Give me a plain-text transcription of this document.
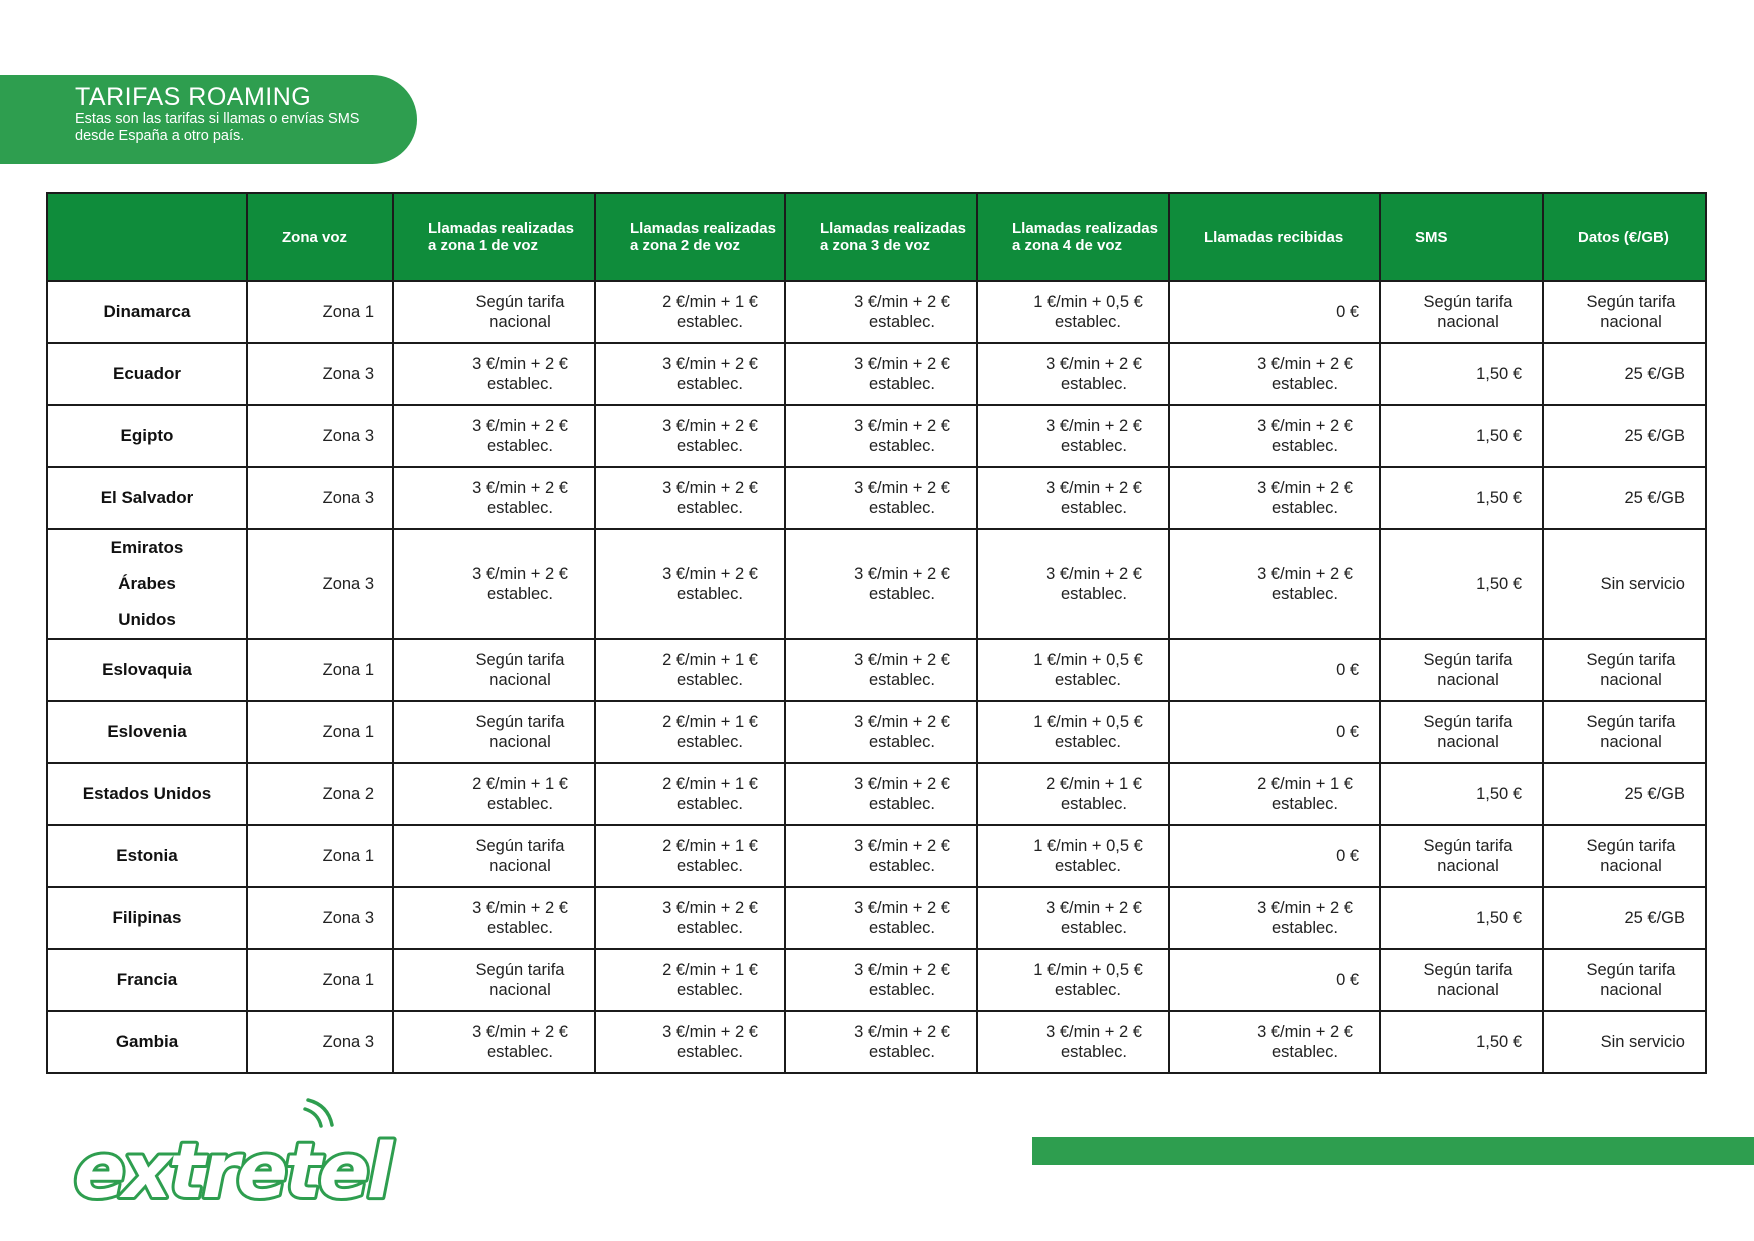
TARIFAS ROAMING
Estas son las tarifas si llamas o envías SMS desde España a otro país.
	Zona voz	Llamadas realizadas a zona 1 de voz	Llamadas realizadas a zona 2 de voz	Llamadas realizadas a zona 3 de voz	Llamadas realizadas a zona 4 de voz	Llamadas recibidas	SMS	Datos (€/GB)
Dinamarca	Zona 1	Según tarifa nacional	2 €/min + 1 € establec.	3 €/min + 2 € establec.	1 €/min + 0,5 € establec.	0 €	Según tarifa nacional	Según tarifa nacional
Ecuador	Zona 3	3 €/min + 2 € establec.	3 €/min + 2 € establec.	3 €/min + 2 € establec.	3 €/min + 2 € establec.	3 €/min + 2 € establec.	1,50 €	25 €/GB
Egipto	Zona 3	3 €/min + 2 € establec.	3 €/min + 2 € establec.	3 €/min + 2 € establec.	3 €/min + 2 € establec.	3 €/min + 2 € establec.	1,50 €	25 €/GB
El Salvador	Zona 3	3 €/min + 2 € establec.	3 €/min + 2 € establec.	3 €/min + 2 € establec.	3 €/min + 2 € establec.	3 €/min + 2 € establec.	1,50 €	25 €/GB
Emiratos Árabes Unidos	Zona 3	3 €/min + 2 € establec.	3 €/min + 2 € establec.	3 €/min + 2 € establec.	3 €/min + 2 € establec.	3 €/min + 2 € establec.	1,50 €	Sin servicio
Eslovaquia	Zona 1	Según tarifa nacional	2 €/min + 1 € establec.	3 €/min + 2 € establec.	1 €/min + 0,5 € establec.	0 €	Según tarifa nacional	Según tarifa nacional
Eslovenia	Zona 1	Según tarifa nacional	2 €/min + 1 € establec.	3 €/min + 2 € establec.	1 €/min + 0,5 € establec.	0 €	Según tarifa nacional	Según tarifa nacional
Estados Unidos	Zona 2	2 €/min + 1 € establec.	2 €/min + 1 € establec.	3 €/min + 2 € establec.	2 €/min + 1 € establec.	2 €/min + 1 € establec.	1,50 €	25 €/GB
Estonia	Zona 1	Según tarifa nacional	2 €/min + 1 € establec.	3 €/min + 2 € establec.	1 €/min + 0,5 € establec.	0 €	Según tarifa nacional	Según tarifa nacional
Filipinas	Zona 3	3 €/min + 2 € establec.	3 €/min + 2 € establec.	3 €/min + 2 € establec.	3 €/min + 2 € establec.	3 €/min + 2 € establec.	1,50 €	25 €/GB
Francia	Zona 1	Según tarifa nacional	2 €/min + 1 € establec.	3 €/min + 2 € establec.	1 €/min + 0,5 € establec.	0 €	Según tarifa nacional	Según tarifa nacional
Gambia	Zona 3	3 €/min + 2 € establec.	3 €/min + 2 € establec.	3 €/min + 2 € establec.	3 €/min + 2 € establec.	3 €/min + 2 € establec.	1,50 €	Sin servicio
extretel
